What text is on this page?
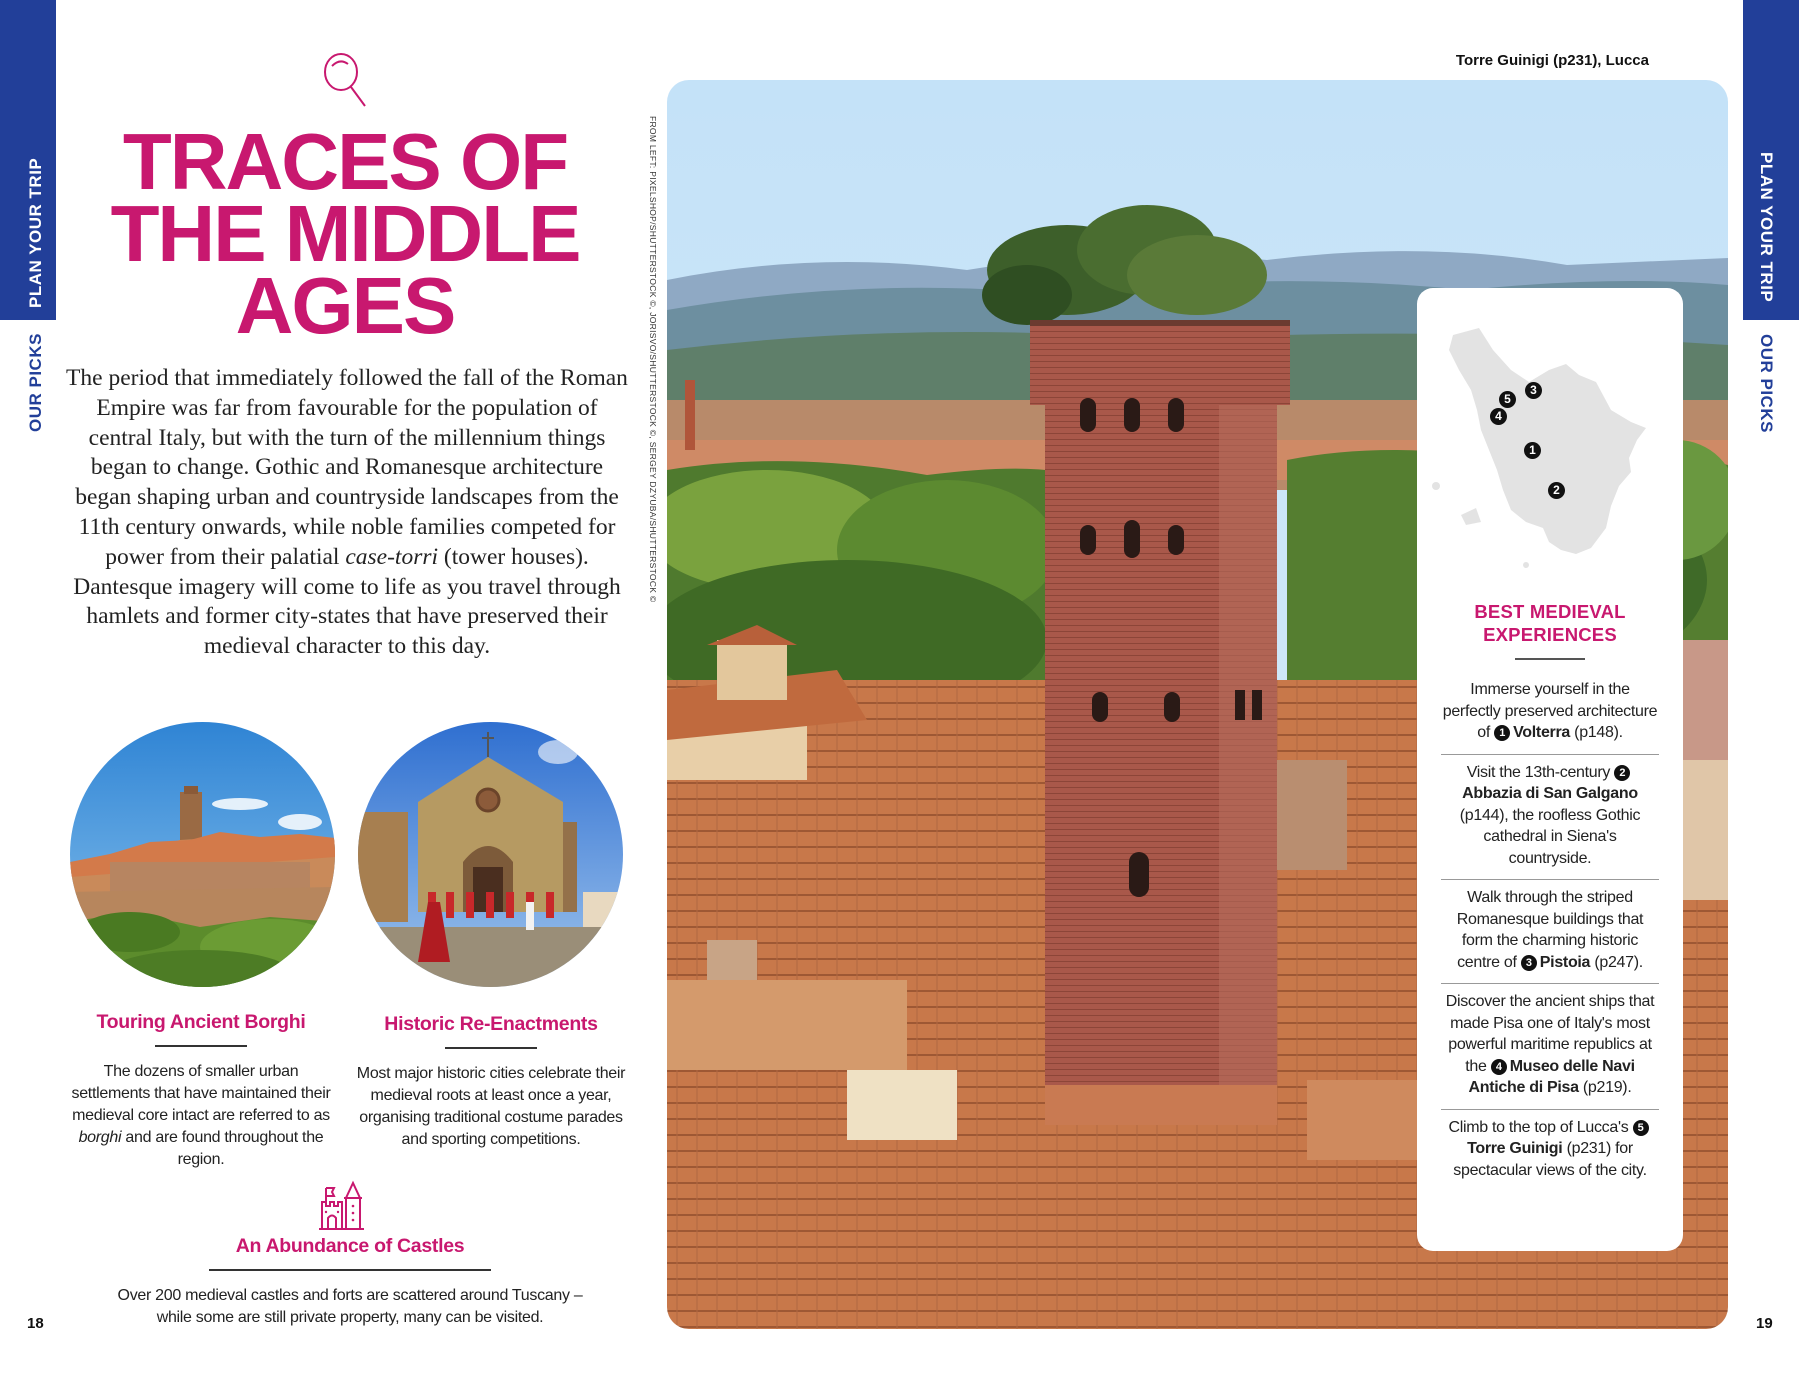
PLAN YOUR TRIP
OUR PICKS
PLAN YOUR TRIP
OUR PICKS
TRACES OF
THE MIDDLE
AGES

The period that immediately followed the fall of the Roman Empire was far from favourable for the population of central Italy, but with the turn of the millennium things began to change. Gothic and Romanesque architecture began shaping urban and countryside landscapes from the 11th century onwards, while noble families competed for power from their palatial case-torri (tower houses). Dantesque imagery will come to life as you travel through hamlets and former city-states that have preserved their medieval character to this day.

Touring Ancient Borghi

The dozens of smaller urban settlements that have maintained their medieval core intact are referred to as borghi and are found throughout the region.

Historic Re-Enactments

Most major historic cities celebrate their medieval roots at least once a year, organising traditional costume parades and sporting competitions.

An Abundance of Castles

Over 200 medieval castles and forts are scattered around Tuscany – while some are still private property, many can be visited.

18
FROM LEFT: PIXELSHOP/SHUTTERSTOCK ©, JORISVO/SHUTTERSTOCK ©, SERGEY DZYUBA/SHUTTERSTOCK ©
Torre Guinigi (p231), Lucca
1
2
3
4
5
BEST MEDIEVAL
EXPERIENCES
Immerse yourself in the perfectly preserved architecture of 1 Volterra (p148).
Visit the 13th-century 2Abbazia di San Galgano (p144), the roofless Gothic cathedral in Siena's countryside.
Walk through the striped Romanesque buildings that form the charming historic centre of 3 Pistoia (p247).
Discover the ancient ships that made Pisa one of Italy's most powerful maritime republics at the 4 Museo delle Navi Antiche di Pisa (p219).
Climb to the top of Lucca's 5Torre Guinigi (p231) for spectacular views of the city.
19
